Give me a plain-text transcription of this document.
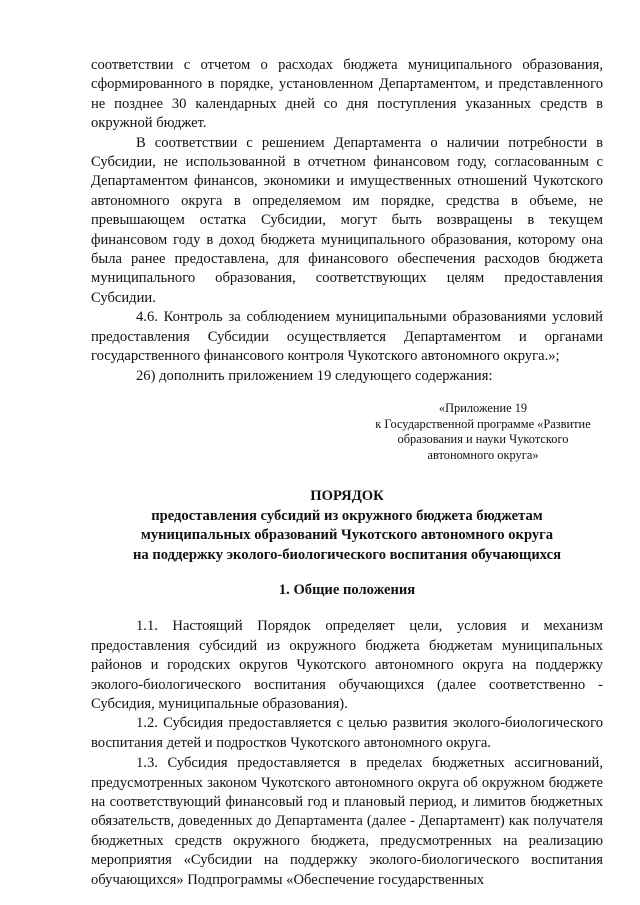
соответствии с отчетом о расходах бюджета муниципального образования, сформированного в порядке, установленном Департаментом, и представленного не позднее 30 календарных дней со дня поступления указанных средств в окружной бюджет.

В соответствии с решением Департамента о наличии потребности в Субсидии, не использованной в отчетном финансовом году, согласованным с Департаментом финансов, экономики и имущественных отношений Чукотского автономного округа в определяемом им порядке, средства в объеме, не превышающем остатка Субсидии, могут быть возвращены в текущем финансовом году в доход бюджета муниципального образования, которому она была ранее предоставлена, для финансового обеспечения расходов бюджета муниципального образования, соответствующих целям предоставления Субсидии.

4.6. Контроль за соблюдением муниципальными образованиями условий предоставления Субсидии осуществляется Департаментом и органами государственного финансового контроля Чукотского автономного округа.»;

26) дополнить приложением 19 следующего содержания:

«Приложение 19
к Государственной программе «Развитие
образования и науки Чукотского
автономного округа»
ПОРЯДОК
предоставления субсидий из окружного бюджета бюджетам
муниципальных образований Чукотского автономного округа
на поддержку эколого-биологического воспитания обучающихся
1. Общие положения

1.1. Настоящий Порядок определяет цели, условия и механизм предоставления субсидий из окружного бюджета бюджетам муниципальных районов и городских округов Чукотского автономного округа на поддержку эколого-биологического воспитания обучающихся (далее соответственно - Субсидия, муниципальные образования).

1.2. Субсидия предоставляется с целью развития эколого-биологического воспитания детей и подростков Чукотского автономного округа.

1.3. Субсидия предоставляется в пределах бюджетных ассигнований, предусмотренных законом Чукотского автономного округа об окружном бюджете на соответствующий финансовый год и плановый период, и лимитов бюджетных обязательств, доведенных до Департамента (далее - Департамент) как получателя бюджетных средств окружного бюджета, предусмотренных на реализацию мероприятия «Субсидии на поддержку эколого-биологического воспитания обучающихся» Подпрограммы «Обеспечение государственных
